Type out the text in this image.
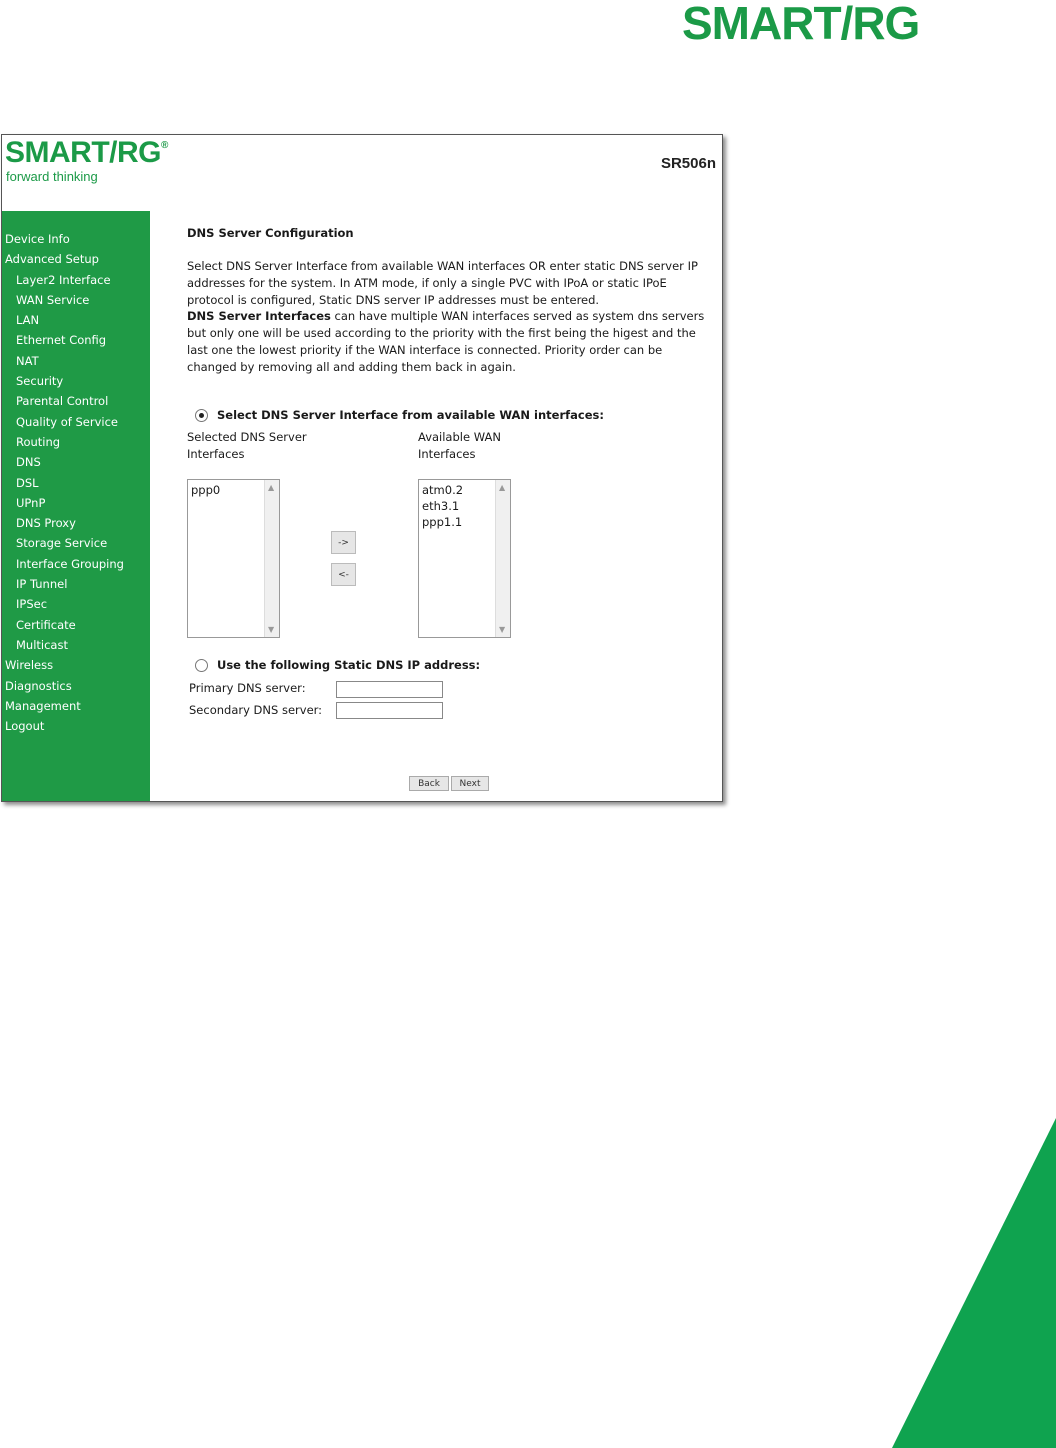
SMART/RG
SMART/RG®
forward thinking
SR506n
Device Info
Advanced Setup
Layer2 Interface
WAN Service
LAN
Ethernet Config
NAT
Security
Parental Control
Quality of Service
Routing
DNS
DSL
UPnP
DNS Proxy
Storage Service
Interface Grouping
IP Tunnel
IPSec
Certificate
Multicast
Wireless
Diagnostics
Management
Logout
DNS Server Configuration

Select DNS Server Interface from available WAN interfaces OR enter static DNS server IP addresses for the system. In ATM mode, if only a single PVC with IPoA or static IPoE protocol is configured, Static DNS server IP addresses must be entered.
DNS Server Interfaces can have multiple WAN interfaces served as system dns servers but only one will be used according to the priority with the first being the higest and the last one the lowest priority if the WAN interface is connected. Priority order can be changed by removing all and adding them back in again.

Select DNS Server Interface from available WAN interfaces:
Selected DNS Server Interfaces
Available WAN Interfaces
ppp0	▲
▼
atm0.2
eth3.1
ppp1.1
▲
▼
->
<-
Use the following Static DNS IP address:
Primary DNS server:
Secondary DNS server:
Back	Next
